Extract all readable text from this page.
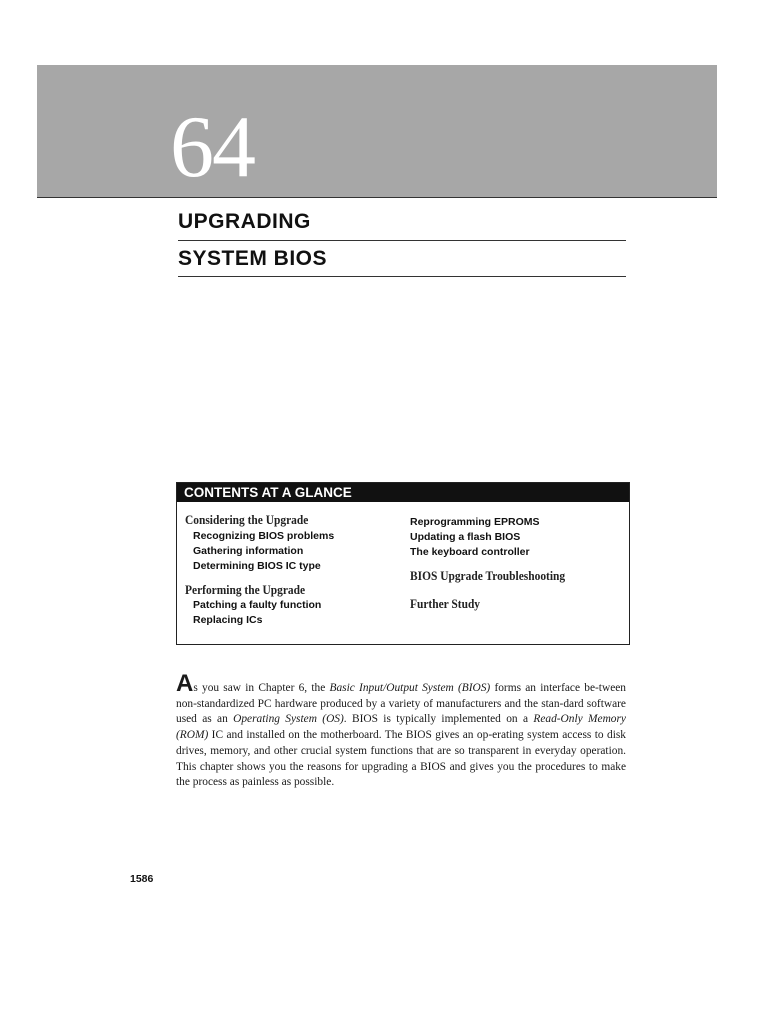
64
UPGRADING
SYSTEM BIOS
CONTENTS AT A GLANCE
Considering the Upgrade
Recognizing BIOS problems
Gathering information
Determining BIOS IC type
Performing the Upgrade
Patching a faulty function
Replacing ICs
Reprogramming EPROMS
Updating a flash BIOS
The keyboard controller
BIOS Upgrade Troubleshooting
Further Study
As you saw in Chapter 6, the Basic Input/Output System (BIOS) forms an interface be-tween non-standardized PC hardware produced by a variety of manufacturers and the stan-dard software used as an Operating System (OS). BIOS is typically implemented on a Read-Only Memory (ROM) IC and installed on the motherboard. The BIOS gives an op-erating system access to disk drives, memory, and other crucial system functions that are so transparent in everyday operation. This chapter shows you the reasons for upgrading a BIOS and gives you the procedures to make the process as painless as possible.
1586
